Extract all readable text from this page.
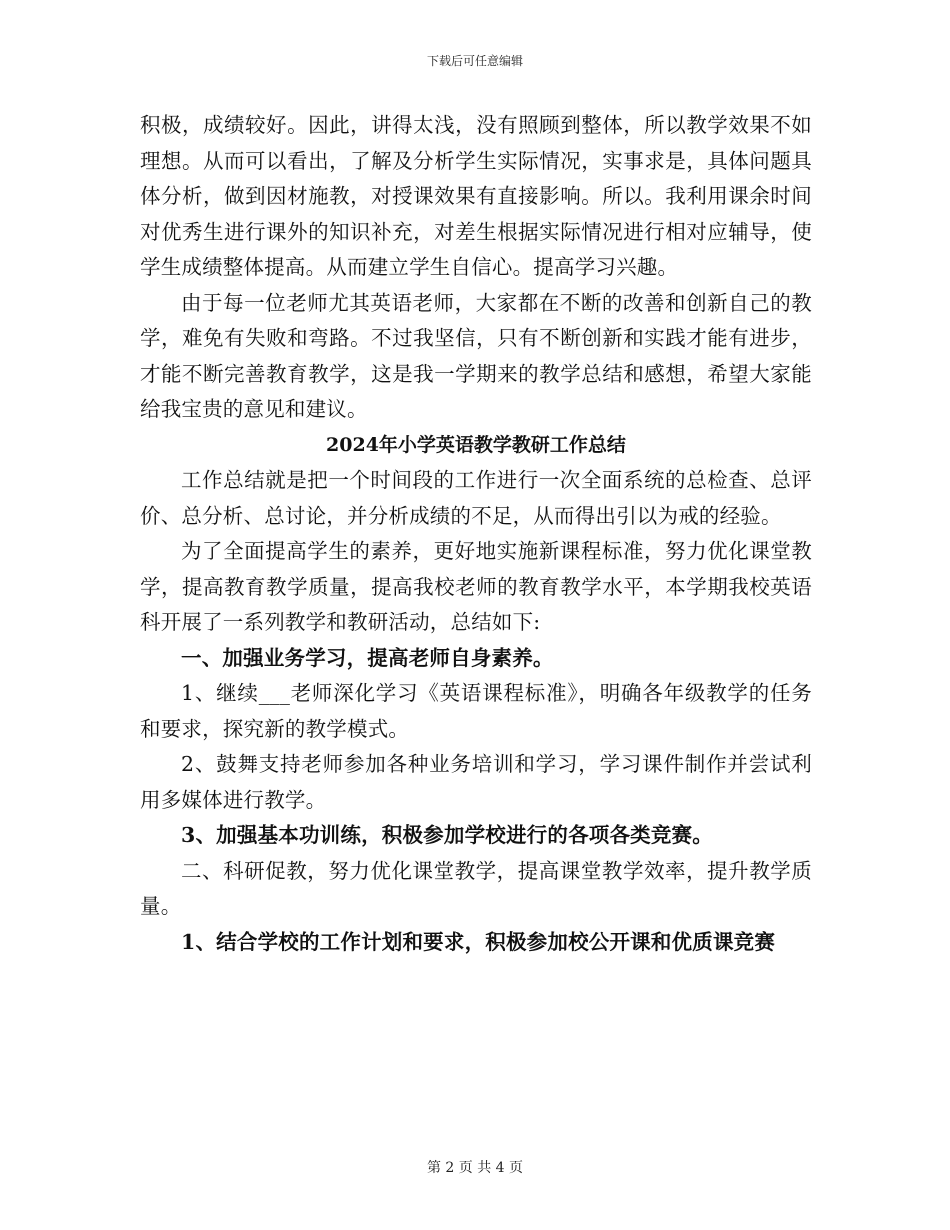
下载后可任意编辑

积极，成绩较好。因此，讲得太浅，没有照顾到整体，所以教学效果不如理想。从而可以看出，了解及分析学生实际情况，实事求是，具体问题具体分析，做到因材施教，对授课效果有直接影响。所以。我利用课余时间对优秀生进行课外的知识补充，对差生根据实际情况进行相对应辅导，使学生成绩整体提高。从而建立学生自信心。提高学习兴趣。

由于每一位老师尤其英语老师，大家都在不断的改善和创新自己的教学，难免有失败和弯路。不过我坚信，只有不断创新和实践才能有进步，才能不断完善教育教学，这是我一学期来的教学总结和感想，希望大家能给我宝贵的意见和建议。

2024年小学英语教学教研工作总结

工作总结就是把一个时间段的工作进行一次全面系统的总检查、总评价、总分析、总讨论，并分析成绩的不足，从而得出引以为戒的经验。

为了全面提高学生的素养，更好地实施新课程标准，努力优化课堂教学，提高教育教学质量，提高我校老师的教育教学水平，本学期我校英语科开展了一系列教学和教研活动，总结如下:

一、加强业务学习，提高老师自身素养。

1、继续___老师深化学习《英语课程标准》，明确各年级教学的任务和要求，探究新的教学模式。

2、鼓舞支持老师参加各种业务培训和学习，学习课件制作并尝试利用多媒体进行教学。

3、加强基本功训练，积极参加学校进行的各项各类竞赛。

二、科研促教，努力优化课堂教学，提高课堂教学效率，提升教学质量。

1、结合学校的工作计划和要求，积极参加校公开课和优质课竞赛

第 2 页 共 4 页
